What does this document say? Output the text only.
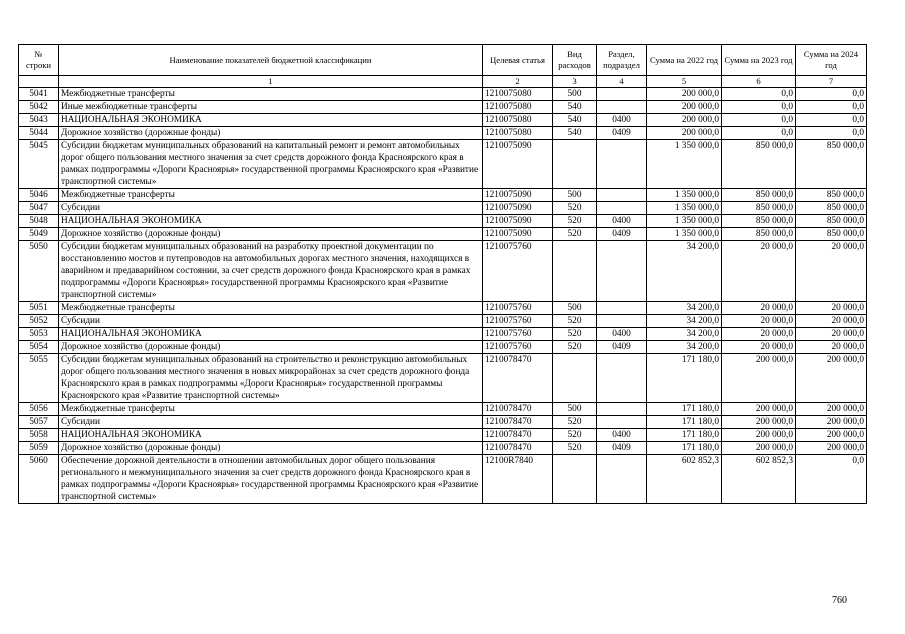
№ строки	Наименование показателей бюджетной классификации	Целевая статья	Вид расходов	Раздел, подраздел	Сумма на 2022 год	Сумма на 2023 год	Сумма на 2024 год
	1	2	3	4	5	6	7
5041	Межбюджетные трансферты	1210075080	500		200 000,0	0,0	0,0
5042	Иные межбюджетные трансферты	1210075080	540		200 000,0	0,0	0,0
5043	НАЦИОНАЛЬНАЯ ЭКОНОМИКА	1210075080	540	0400	200 000,0	0,0	0,0
5044	Дорожное хозяйство (дорожные фонды)	1210075080	540	0409	200 000,0	0,0	0,0
5045	Субсидии бюджетам муниципальных образований на капитальный ремонт и ремонт автомобильных дорог общего пользования местного значения за счет средств дорожного фонда Красноярского края в рамках подпрограммы «Дороги Красноярья» государственной программы Красноярского края «Развитие транспортной системы»	1210075090			1 350 000,0	850 000,0	850 000,0
5046	Межбюджетные трансферты	1210075090	500		1 350 000,0	850 000,0	850 000,0
5047	Субсидии	1210075090	520		1 350 000,0	850 000,0	850 000,0
5048	НАЦИОНАЛЬНАЯ ЭКОНОМИКА	1210075090	520	0400	1 350 000,0	850 000,0	850 000,0
5049	Дорожное хозяйство (дорожные фонды)	1210075090	520	0409	1 350 000,0	850 000,0	850 000,0
5050	Субсидии бюджетам муниципальных образований на разработку проектной документации по восстановлению мостов и путепроводов на автомобильных дорогах местного значения, находящихся в аварийном и предаварийном состоянии, за счет средств дорожного фонда Красноярского края в рамках подпрограммы «Дороги Красноярья» государственной программы Красноярского края «Развитие транспортной системы»	1210075760			34 200,0	20 000,0	20 000,0
5051	Межбюджетные трансферты	1210075760	500		34 200,0	20 000,0	20 000,0
5052	Субсидии	1210075760	520		34 200,0	20 000,0	20 000,0
5053	НАЦИОНАЛЬНАЯ ЭКОНОМИКА	1210075760	520	0400	34 200,0	20 000,0	20 000,0
5054	Дорожное хозяйство (дорожные фонды)	1210075760	520	0409	34 200,0	20 000,0	20 000,0
5055	Субсидии бюджетам муниципальных образований на строительство и реконструкцию автомобильных дорог общего пользования местного значения в новых микрорайонах за счет средств дорожного фонда Красноярского края в рамках подпрограммы «Дороги Красноярья» государственной программы Красноярского края «Развитие транспортной системы»	1210078470			171 180,0	200 000,0	200 000,0
5056	Межбюджетные трансферты	1210078470	500		171 180,0	200 000,0	200 000,0
5057	Субсидии	1210078470	520		171 180,0	200 000,0	200 000,0
5058	НАЦИОНАЛЬНАЯ ЭКОНОМИКА	1210078470	520	0400	171 180,0	200 000,0	200 000,0
5059	Дорожное хозяйство (дорожные фонды)	1210078470	520	0409	171 180,0	200 000,0	200 000,0
5060	Обеспечение дорожной деятельности в отношении автомобильных дорог общего пользования регионального и межмуниципального значения за счет средств дорожного фонда Красноярского края в рамках подпрограммы «Дороги Красноярья» государственной программы Красноярского края «Развитие транспортной системы»	12100R7840			602 852,3	602 852,3	0,0
760
